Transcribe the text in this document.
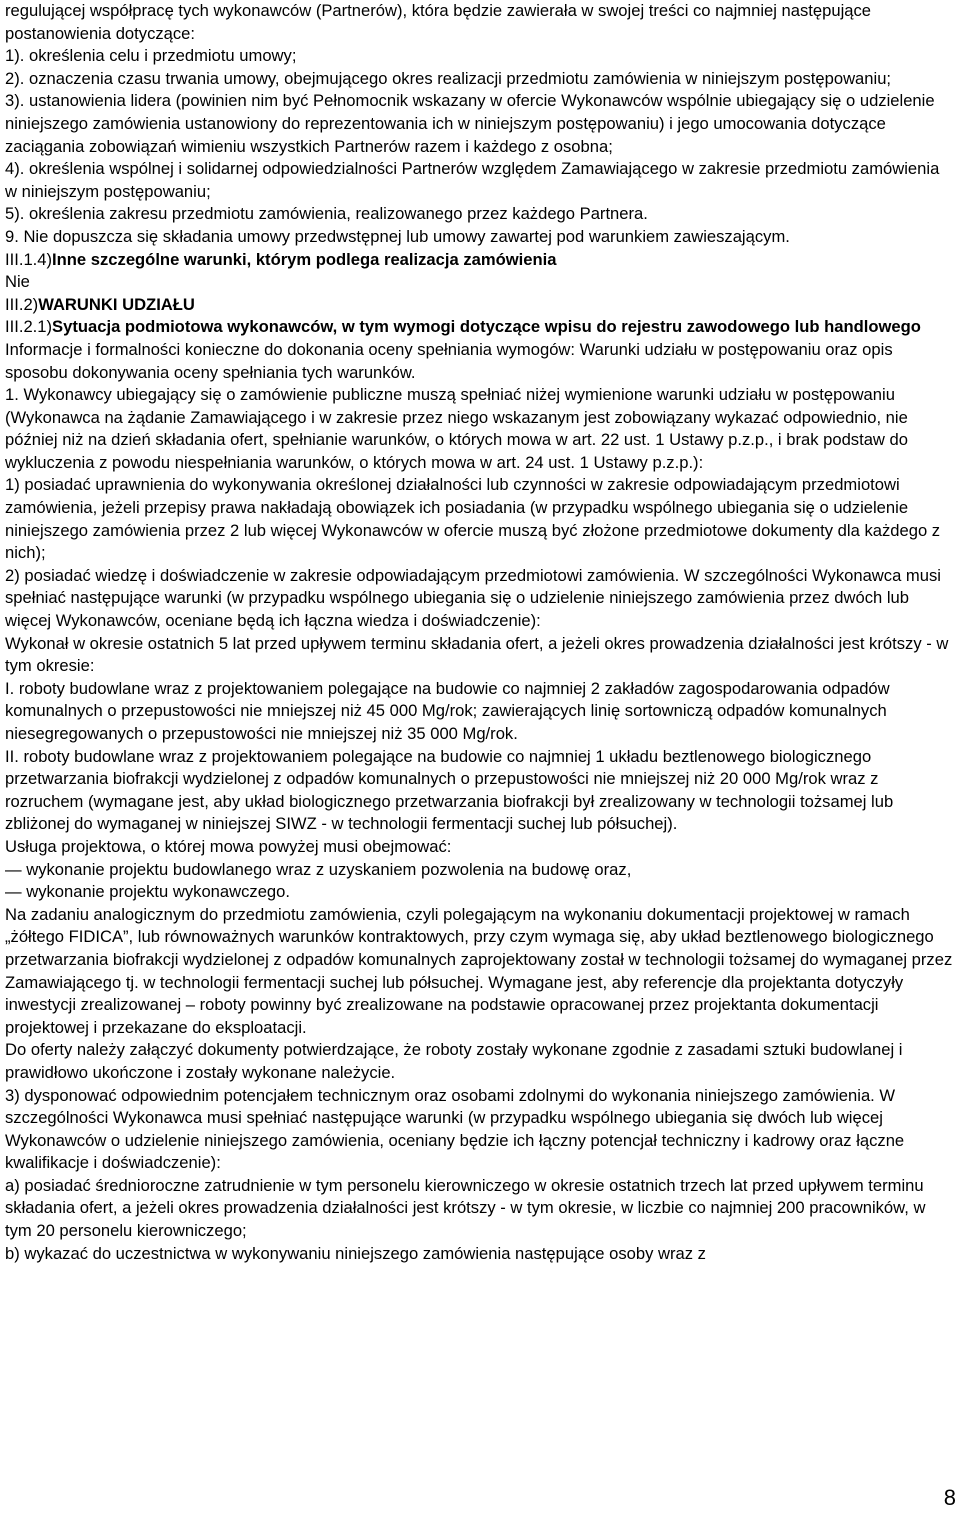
regulującej współpracę tych wykonawców (Partnerów), która będzie zawierała w swojej treści co najmniej następujące postanowienia dotyczące:

1). określenia celu i przedmiotu umowy;

2). oznaczenia czasu trwania umowy, obejmującego okres realizacji przedmiotu zamówienia w niniejszym postępowaniu;

3). ustanowienia lidera (powinien nim być Pełnomocnik wskazany w ofercie Wykonawców wspólnie ubiegający się o udzielenie niniejszego zamówienia ustanowiony do reprezentowania ich w niniejszym postępowaniu) i jego umocowania dotyczące zaciągania zobowiązań wimieniu wszystkich Partnerów razem i każdego z osobna;

4). określenia wspólnej i solidarnej odpowiedzialności Partnerów względem Zamawiającego w zakresie przedmiotu zamówienia w niniejszym postępowaniu;

5). określenia zakresu przedmiotu zamówienia, realizowanego przez każdego Partnera.

9. Nie dopuszcza się składania umowy przedwstępnej lub umowy zawartej pod warunkiem zawieszającym.

III.1.4)Inne szczególne warunki, którym podlega realizacja zamówienia

Nie

III.2)WARUNKI UDZIAŁU

III.2.1)Sytuacja podmiotowa wykonawców, w tym wymogi dotyczące wpisu do rejestru zawodowego lub handlowego

Informacje i formalności konieczne do dokonania oceny spełniania wymogów: Warunki udziału w postępowaniu oraz opis sposobu dokonywania oceny spełniania tych warunków.

1. Wykonawcy ubiegający się o zamówienie publiczne muszą spełniać niżej wymienione warunki udziału w postępowaniu (Wykonawca na żądanie Zamawiającego i w zakresie przez niego wskazanym jest zobowiązany wykazać odpowiednio, nie później niż na dzień składania ofert, spełnianie warunków, o których mowa w art. 22 ust. 1 Ustawy p.z.p., i brak podstaw do wykluczenia z powodu niespełniania warunków, o których mowa w art. 24 ust. 1 Ustawy p.z.p.):

1) posiadać uprawnienia do wykonywania określonej działalności lub czynności w zakresie odpowiadającym przedmiotowi zamówienia, jeżeli przepisy prawa nakładają obowiązek ich posiadania (w przypadku wspólnego ubiegania się o udzielenie niniejszego zamówienia przez 2 lub więcej Wykonawców w ofercie muszą być złożone przedmiotowe dokumenty dla każdego z nich);

2) posiadać wiedzę i doświadczenie w zakresie odpowiadającym przedmiotowi zamówienia. W szczególności Wykonawca musi spełniać następujące warunki (w przypadku wspólnego ubiegania się o udzielenie niniejszego zamówienia przez dwóch lub więcej Wykonawców, oceniane będą ich łączna wiedza i doświadczenie):

Wykonał w okresie ostatnich 5 lat przed upływem terminu składania ofert, a jeżeli okres prowadzenia działalności jest krótszy - w tym okresie:

I. roboty budowlane wraz z projektowaniem polegające na budowie co najmniej 2 zakładów zagospodarowania odpadów komunalnych o przepustowości nie mniejszej niż 45 000 Mg/rok; zawierających linię sortowniczą odpadów komunalnych niesegregowanych o przepustowości nie mniejszej niż 35 000 Mg/rok.

II. roboty budowlane wraz z projektowaniem polegające na budowie co najmniej 1 układu beztlenowego biologicznego przetwarzania biofrakcji wydzielonej z odpadów komunalnych o przepustowości nie mniejszej niż 20 000 Mg/rok wraz z rozruchem (wymagane jest, aby układ biologicznego przetwarzania biofrakcji był zrealizowany w technologii tożsamej lub zbliżonej do wymaganej w niniejszej SIWZ - w technologii fermentacji suchej lub półsuchej).

Usługa projektowa, o której mowa powyżej musi obejmować:

— wykonanie projektu budowlanego wraz z uzyskaniem pozwolenia na budowę oraz,

— wykonanie projektu wykonawczego.

Na zadaniu analogicznym do przedmiotu zamówienia, czyli polegającym na wykonaniu dokumentacji projektowej w ramach „żółtego FIDICA”, lub równoważnych warunków kontraktowych, przy czym wymaga się, aby układ beztlenowego biologicznego przetwarzania biofrakcji wydzielonej z odpadów komunalnych zaprojektowany został w technologii tożsamej do wymaganej przez Zamawiającego tj. w technologii fermentacji suchej lub półsuchej. Wymagane jest, aby referencje dla projektanta dotyczyły inwestycji zrealizowanej – roboty powinny być zrealizowane na podstawie opracowanej przez projektanta dokumentacji projektowej i przekazane do eksploatacji.

Do oferty należy załączyć dokumenty potwierdzające, że roboty zostały wykonane zgodnie z zasadami sztuki budowlanej i prawidłowo ukończone i zostały wykonane należycie.

3) dysponować odpowiednim potencjałem technicznym oraz osobami zdolnymi do wykonania niniejszego zamówienia. W szczególności Wykonawca musi spełniać następujące warunki (w przypadku wspólnego ubiegania się dwóch lub więcej Wykonawców o udzielenie niniejszego zamówienia, oceniany będzie ich łączny potencjał techniczny i kadrowy oraz łączne kwalifikacje i doświadczenie):

a) posiadać średnioroczne zatrudnienie w tym personelu kierowniczego w okresie ostatnich trzech lat przed upływem terminu składania ofert, a jeżeli okres prowadzenia działalności jest krótszy - w tym okresie, w liczbie co najmniej 200 pracowników, w tym 20 personelu kierowniczego;

b) wykazać do uczestnictwa w wykonywaniu niniejszego zamówienia następujące osoby wraz z

8
